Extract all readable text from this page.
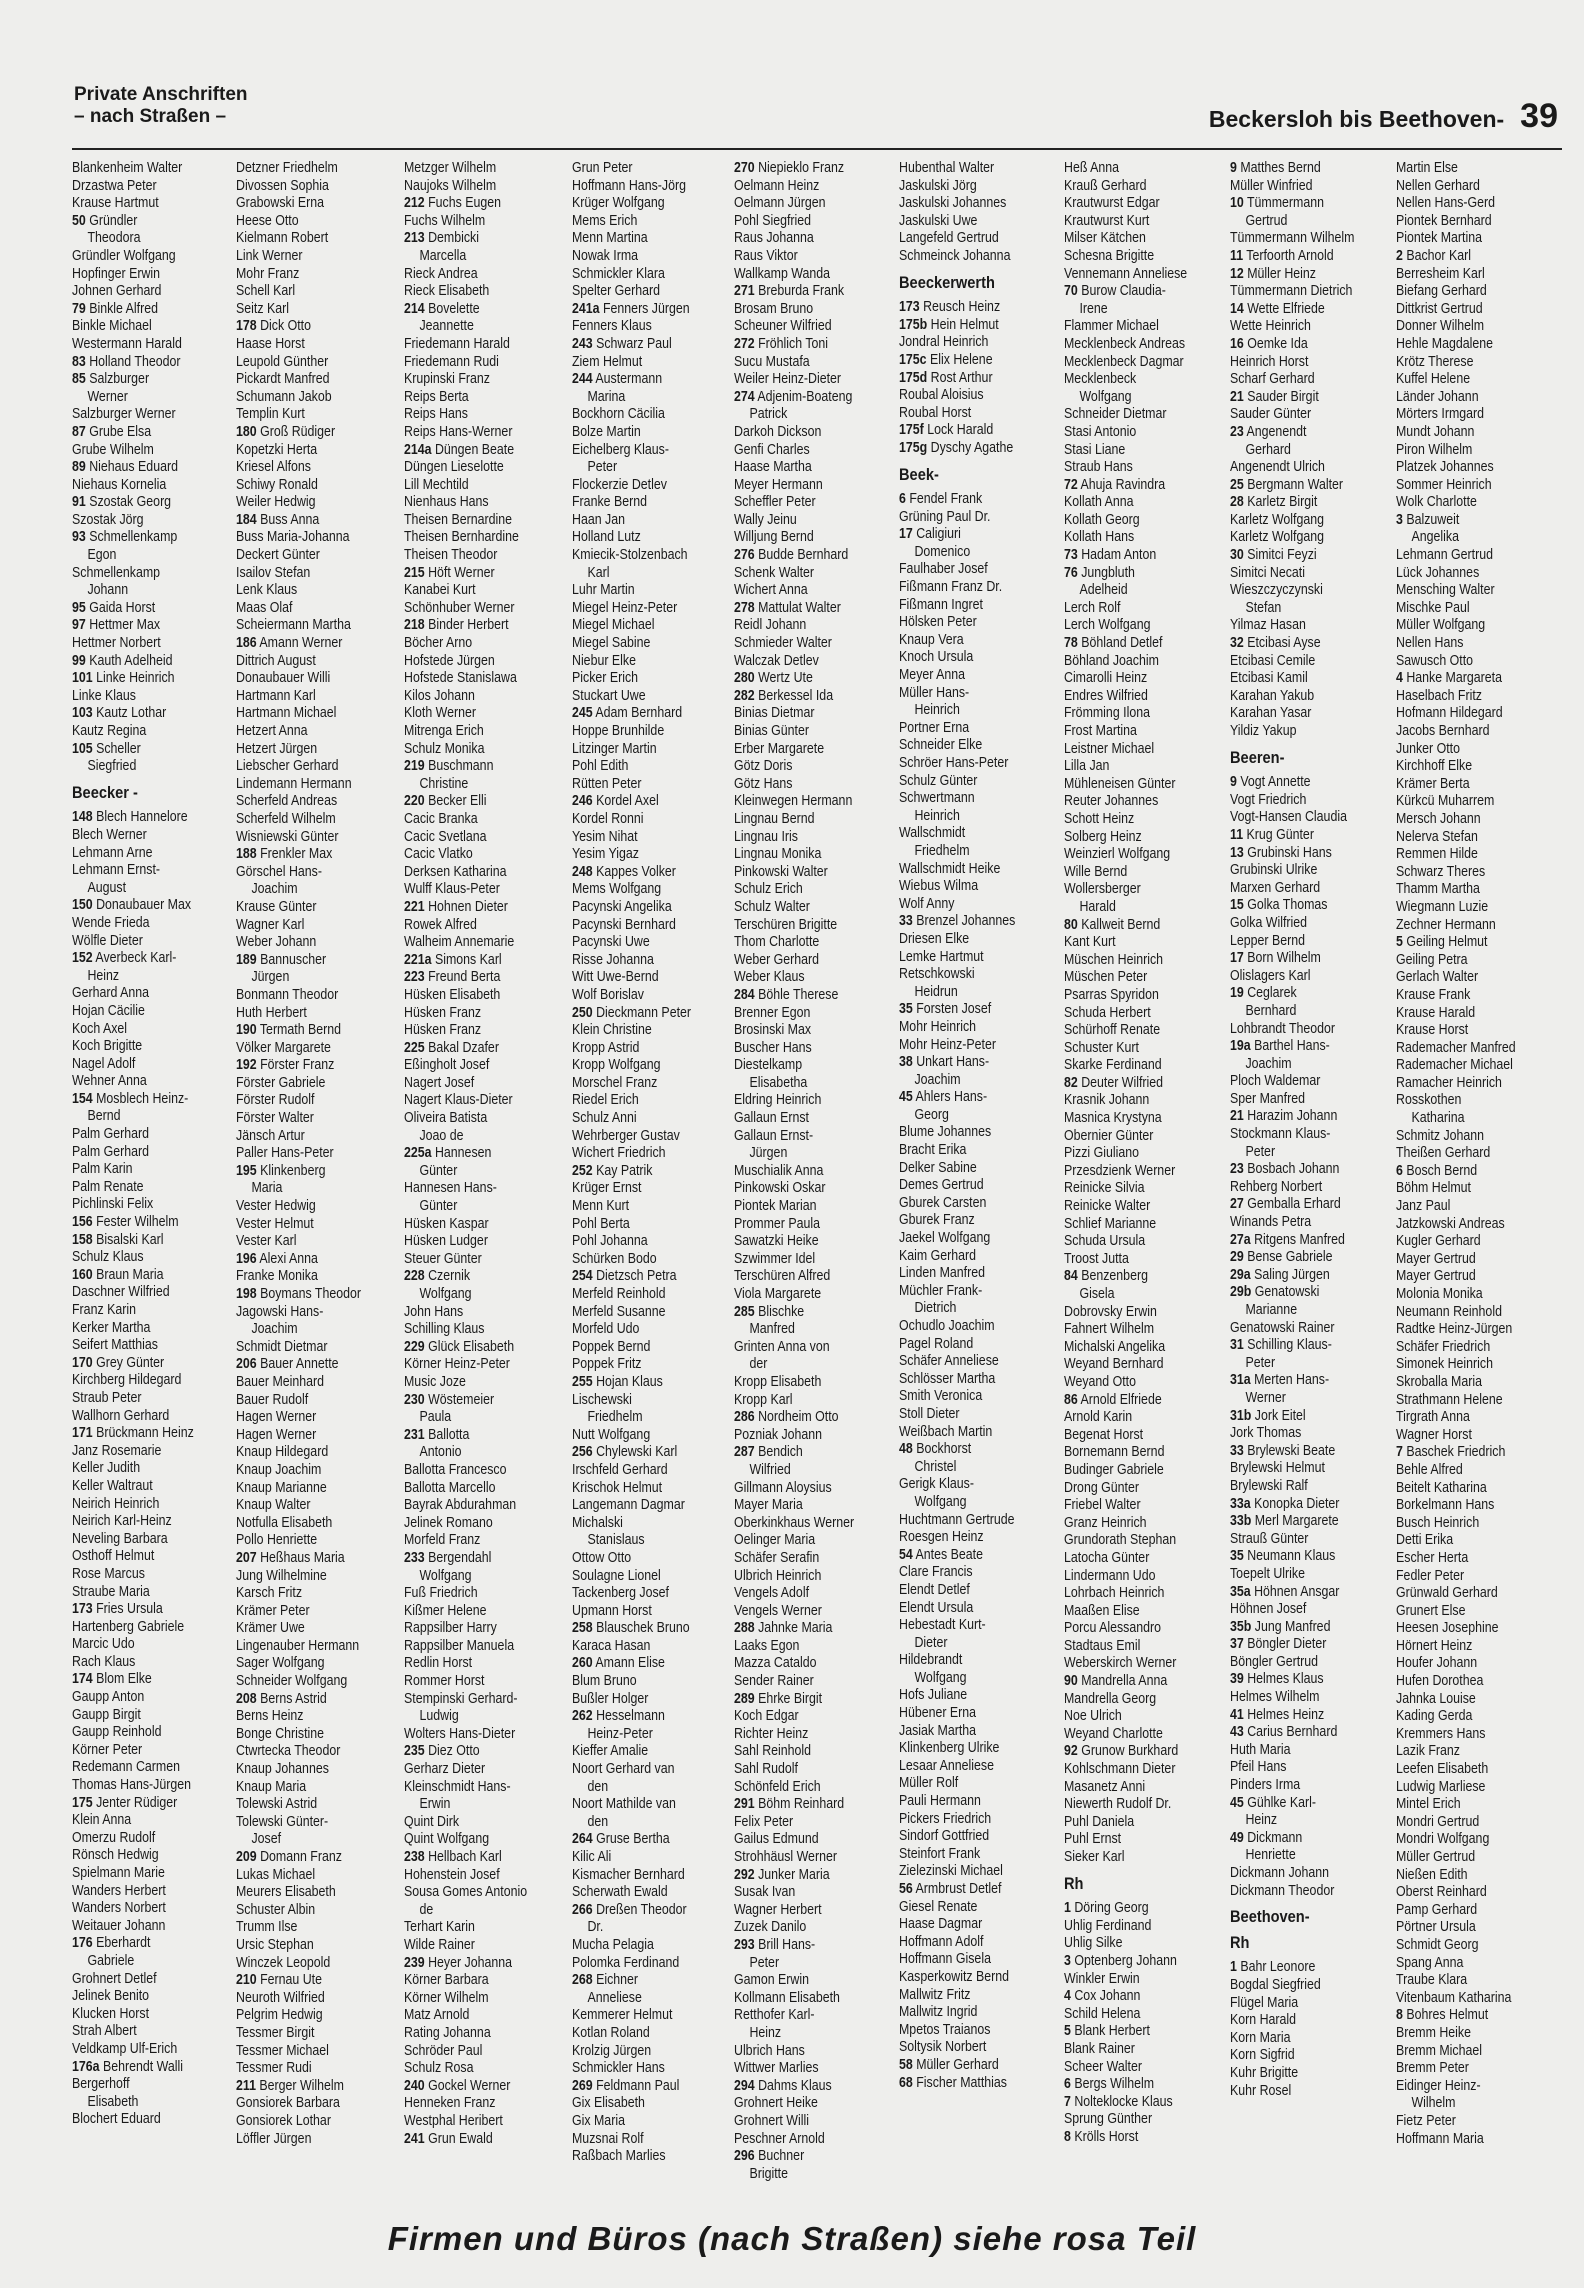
Private Anschriften
– nach Straßen –	Beckersloh bis Beethoven- 39
Blankenheim Walter
Drzastwa Peter
Krause Hartmut
50 Gründler
Theodora
Gründler Wolfgang
Hopfinger Erwin
Johnen Gerhard
79 Binkle Alfred
Binkle Michael
Westermann Harald
83 Holland Theodor
85 Salzburger
Werner
Salzburger Werner
87 Grube Elsa
Grube Wilhelm
89 Niehaus Eduard
Niehaus Kornelia
91 Szostak Georg
Szostak Jörg
93 Schmellenkamp
Egon
Schmellenkamp
Johann
95 Gaida Horst
97 Hettmer Max
Hettmer Norbert
99 Kauth Adelheid
101 Linke Heinrich
Linke Klaus
103 Kautz Lothar
Kautz Regina
105 Scheller
Siegfried
Beecker -
148 Blech Hannelore
Blech Werner
Lehmann Arne
Lehmann Ernst-
August
150 Donaubauer Max
Wende Frieda
Wölfle Dieter
152 Averbeck Karl-
Heinz
Gerhard Anna
Hojan Cäcilie
Koch Axel
Koch Brigitte
Nagel Adolf
Wehner Anna
154 Mosblech Heinz-
Bernd
Palm Gerhard
Palm Gerhard
Palm Karin
Palm Renate
Pichlinski Felix
156 Fester Wilhelm
158 Bisalski Karl
Schulz Klaus
160 Braun Maria
Daschner Wilfried
Franz Karin
Kerker Martha
Seifert Matthias
170 Grey Günter
Kirchberg Hildegard
Straub Peter
Wallhorn Gerhard
171 Brückmann Heinz
Janz Rosemarie
Keller Judith
Keller Waltraut
Neirich Heinrich
Neirich Karl-Heinz
Neveling Barbara
Osthoff Helmut
Rose Marcus
Straube Maria
173 Fries Ursula
Hartenberg Gabriele
Marcic Udo
Rach Klaus
174 Blom Elke
Gaupp Anton
Gaupp Birgit
Gaupp Reinhold
Körner Peter
Redemann Carmen
Thomas Hans-Jürgen
175 Jenter Rüdiger
Klein Anna
Omerzu Rudolf
Rönsch Hedwig
Spielmann Marie
Wanders Herbert
Wanders Norbert
Weitauer Johann
176 Eberhardt
Gabriele
Grohnert Detlef
Jelinek Benito
Klucken Horst
Strah Albert
Veldkamp Ulf-Erich
176a Behrendt Walli
Bergerhoff
Elisabeth
Blochert Eduard
Detzner Friedhelm
Divossen Sophia
Grabowski Erna
Heese Otto
Kielmann Robert
Link Werner
Mohr Franz
Schell Karl
Seitz Karl
178 Dick Otto
Haase Horst
Leupold Günther
Pickardt Manfred
Schumann Jakob
Templin Kurt
180 Groß Rüdiger
Kopetzki Herta
Kriesel Alfons
Schiwy Ronald
Weiler Hedwig
184 Buss Anna
Buss Maria-Johanna
Deckert Günter
Isailov Stefan
Lenk Klaus
Maas Olaf
Scheiermann Martha
186 Amann Werner
Dittrich August
Donaubauer Willi
Hartmann Karl
Hartmann Michael
Hetzert Anna
Hetzert Jürgen
Liebscher Gerhard
Lindemann Hermann
Scherfeld Andreas
Scherfeld Wilhelm
Wisniewski Günter
188 Frenkler Max
Görschel Hans-
Joachim
Krause Günter
Wagner Karl
Weber Johann
189 Bannuscher
Jürgen
Bonmann Theodor
Huth Herbert
190 Termath Bernd
Völker Margarete
192 Förster Franz
Förster Gabriele
Förster Rudolf
Förster Walter
Jänsch Artur
Paller Hans-Peter
195 Klinkenberg
Maria
Vester Hedwig
Vester Helmut
Vester Karl
196 Alexi Anna
Franke Monika
198 Boymans Theodor
Jagowski Hans-
Joachim
Schmidt Dietmar
206 Bauer Annette
Bauer Meinhard
Bauer Rudolf
Hagen Werner
Hagen Werner
Knaup Hildegard
Knaup Joachim
Knaup Marianne
Knaup Walter
Notfulla Elisabeth
Pollo Henriette
207 Heßhaus Maria
Jung Wilhelmine
Karsch Fritz
Krämer Peter
Krämer Uwe
Lingenauber Hermann
Sager Wolfgang
Schneider Wolfgang
208 Berns Astrid
Berns Heinz
Bonge Christine
Ctwrtecka Theodor
Knaup Johannes
Knaup Maria
Tolewski Astrid
Tolewski Günter-
Josef
209 Domann Franz
Lukas Michael
Meurers Elisabeth
Schuster Albin
Trumm Ilse
Ursic Stephan
Winczek Leopold
210 Fernau Ute
Neuroth Wilfried
Pelgrim Hedwig
Tessmer Birgit
Tessmer Michael
Tessmer Rudi
211 Berger Wilhelm
Gonsiorek Barbara
Gonsiorek Lothar
Löffler Jürgen
Metzger Wilhelm
Naujoks Wilhelm
212 Fuchs Eugen
Fuchs Wilhelm
213 Dembicki
Marcella
Rieck Andrea
Rieck Elisabeth
214 Bovelette
Jeannette
Friedemann Harald
Friedemann Rudi
Krupinski Franz
Reips Berta
Reips Hans
Reips Hans-Werner
214a Düngen Beate
Düngen Lieselotte
Lill Mechtild
Nienhaus Hans
Theisen Bernardine
Theisen Bernhardine
Theisen Theodor
215 Höft Werner
Kanabei Kurt
Schönhuber Werner
218 Binder Herbert
Böcher Arno
Hofstede Jürgen
Hofstede Stanislawa
Kilos Johann
Kloth Werner
Mitrenga Erich
Schulz Monika
219 Buschmann
Christine
220 Becker Elli
Cacic Branka
Cacic Svetlana
Cacic Vlatko
Derksen Katharina
Wulff Klaus-Peter
221 Hohnen Dieter
Rowek Alfred
Walheim Annemarie
221a Simons Karl
223 Freund Berta
Hüsken Elisabeth
Hüsken Franz
Hüsken Franz
225 Bakal Dzafer
Eßingholt Josef
Nagert Josef
Nagert Klaus-Dieter
Oliveira Batista
Joao de
225a Hannesen
Günter
Hannesen Hans-
Günter
Hüsken Kaspar
Hüsken Ludger
Steuer Günter
228 Czernik
Wolfgang
John Hans
Schilling Klaus
229 Glück Elisabeth
Körner Heinz-Peter
Music Joze
230 Wöstemeier
Paula
231 Ballotta
Antonio
Ballotta Francesco
Ballotta Marcello
Bayrak Abdurahman
Jelinek Romano
Morfeld Franz
233 Bergendahl
Wolfgang
Fuß Friedrich
Kißmer Helene
Rappsilber Harry
Rappsilber Manuela
Redlin Horst
Rommer Horst
Stempinski Gerhard-
Ludwig
Wolters Hans-Dieter
235 Diez Otto
Gerharz Dieter
Kleinschmidt Hans-
Erwin
Quint Dirk
Quint Wolfgang
238 Hellbach Karl
Hohenstein Josef
Sousa Gomes Antonio
de
Terhart Karin
Wilde Rainer
239 Heyer Johanna
Körner Barbara
Körner Wilhelm
Matz Arnold
Rating Johanna
Schröder Paul
Schulz Rosa
240 Gockel Werner
Henneken Franz
Westphal Heribert
241 Grun Ewald
Grun Peter
Hoffmann Hans-Jörg
Krüger Wolfgang
Mems Erich
Menn Martina
Nowak Irma
Schmickler Klara
Spelter Gerhard
241a Fenners Jürgen
Fenners Klaus
243 Schwarz Paul
Ziem Helmut
244 Austermann
Marina
Bockhorn Cäcilia
Bolze Martin
Eichelberg Klaus-
Peter
Flockerzie Detlev
Franke Bernd
Haan Jan
Holland Lutz
Kmiecik-Stolzenbach
Karl
Luhr Martin
Miegel Heinz-Peter
Miegel Michael
Miegel Sabine
Niebur Elke
Picker Erich
Stuckart Uwe
245 Adam Bernhard
Hoppe Brunhilde
Litzinger Martin
Pohl Edith
Rütten Peter
246 Kordel Axel
Kordel Ronni
Yesim Nihat
Yesim Yigaz
248 Kappes Volker
Mems Wolfgang
Pacynski Angelika
Pacynski Bernhard
Pacynski Uwe
Risse Johanna
Witt Uwe-Bernd
Wolf Borislav
250 Dieckmann Peter
Klein Christine
Kropp Astrid
Kropp Wolfgang
Morschel Franz
Riedel Erich
Schulz Anni
Wehrberger Gustav
Wichert Friedrich
252 Kay Patrik
Krüger Ernst
Menn Kurt
Pohl Berta
Pohl Johanna
Schürken Bodo
254 Dietzsch Petra
Merfeld Reinhold
Merfeld Susanne
Morfeld Udo
Poppek Bernd
Poppek Fritz
255 Hojan Klaus
Lischewski
Friedhelm
Nutt Wolfgang
256 Chylewski Karl
Irschfeld Gerhard
Krischok Helmut
Langemann Dagmar
Michalski
Stanislaus
Ottow Otto
Soulagne Lionel
Tackenberg Josef
Upmann Horst
258 Blauschek Bruno
Karaca Hasan
260 Amann Elise
Blum Bruno
Bußler Holger
262 Hesselmann
Heinz-Peter
Kieffer Amalie
Noort Gerhard van
den
Noort Mathilde van
den
264 Gruse Bertha
Kilic Ali
Kismacher Bernhard
Scherwath Ewald
266 Dreßen Theodor
Dr.
Mucha Pelagia
Polomka Ferdinand
268 Eichner
Anneliese
Kemmerer Helmut
Kotlan Roland
Krolzig Jürgen
Schmickler Hans
269 Feldmann Paul
Gix Elisabeth
Gix Maria
Muzsnai Rolf
Raßbach Marlies
270 Niepieklo Franz
Oelmann Heinz
Oelmann Jürgen
Pohl Siegfried
Raus Johanna
Raus Viktor
Wallkamp Wanda
271 Breburda Frank
Brosam Bruno
Scheuner Wilfried
272 Fröhlich Toni
Sucu Mustafa
Weiler Heinz-Dieter
274 Adjenim-Boateng
Patrick
Darkoh Dickson
Genfi Charles
Haase Martha
Meyer Hermann
Scheffler Peter
Wally Jeinu
Willjung Bernd
276 Budde Bernhard
Schenk Walter
Wichert Anna
278 Mattulat Walter
Reidl Johann
Schmieder Walter
Walczak Detlev
280 Wertz Ute
282 Berkessel Ida
Binias Dietmar
Binias Günter
Erber Margarete
Götz Doris
Götz Hans
Kleinwegen Hermann
Lingnau Bernd
Lingnau Iris
Lingnau Monika
Pinkowski Walter
Schulz Erich
Schulz Walter
Terschüren Brigitte
Thom Charlotte
Weber Gerhard
Weber Klaus
284 Böhle Therese
Brenner Egon
Brosinski Max
Buscher Hans
Diestelkamp
Elisabetha
Eldring Heinrich
Gallaun Ernst
Gallaun Ernst-
Jürgen
Muschialik Anna
Pinkowski Oskar
Piontek Marian
Prommer Paula
Sawatzki Heike
Szwimmer Idel
Terschüren Alfred
Viola Margarete
285 Blischke
Manfred
Grinten Anna von
der
Kropp Elisabeth
Kropp Karl
286 Nordheim Otto
Pozniak Johann
287 Bendich
Wilfried
Gillmann Aloysius
Mayer Maria
Oberkinkhaus Werner
Oelinger Maria
Schäfer Serafin
Ulbrich Heinrich
Vengels Adolf
Vengels Werner
288 Jahnke Maria
Laaks Egon
Mazza Cataldo
Sender Rainer
289 Ehrke Birgit
Koch Edgar
Richter Heinz
Sahl Reinhold
Sahl Rudolf
Schönfeld Erich
291 Böhm Reinhard
Felix Peter
Gailus Edmund
Strohhäusl Werner
292 Junker Maria
Susak Ivan
Wagner Herbert
Zuzek Danilo
293 Brill Hans-
Peter
Gamon Erwin
Kollmann Elisabeth
Retthofer Karl-
Heinz
Ulbrich Hans
Wittwer Marlies
294 Dahms Klaus
Grohnert Heike
Grohnert Willi
Peschner Arnold
296 Buchner
Brigitte
Hubenthal Walter
Jaskulski Jörg
Jaskulski Johannes
Jaskulski Uwe
Langefeld Gertrud
Schmeinck Johanna
Beeckerwerth
173 Reusch Heinz
175b Hein Helmut
Jondral Heinrich
175c Elix Helene
175d Rost Arthur
Roubal Aloisius
Roubal Horst
175f Lock Harald
175g Dyschy Agathe
Beek-
6 Fendel Frank
Grüning Paul Dr.
17 Caligiuri
Domenico
Faulhaber Josef
Fißmann Franz Dr.
Fißmann Ingret
Hölsken Peter
Knaup Vera
Knoch Ursula
Meyer Anna
Müller Hans-
Heinrich
Portner Erna
Schneider Elke
Schröer Hans-Peter
Schulz Günter
Schwertmann
Heinrich
Wallschmidt
Friedhelm
Wallschmidt Heike
Wiebus Wilma
Wolf Anny
33 Brenzel Johannes
Driesen Elke
Lemke Hartmut
Retschkowski
Heidrun
35 Forsten Josef
Mohr Heinrich
Mohr Heinz-Peter
38 Unkart Hans-
Joachim
45 Ahlers Hans-
Georg
Blume Johannes
Bracht Erika
Delker Sabine
Demes Gertrud
Gburek Carsten
Gburek Franz
Jaekel Wolfgang
Kaim Gerhard
Linden Manfred
Müchler Frank-
Dietrich
Ochudlo Joachim
Pagel Roland
Schäfer Anneliese
Schlösser Martha
Smith Veronica
Stoll Dieter
Weißbach Martin
48 Bockhorst
Christel
Gerigk Klaus-
Wolfgang
Huchtmann Gertrude
Roesgen Heinz
54 Antes Beate
Clare Francis
Elendt Detlef
Elendt Ursula
Hebestadt Kurt-
Dieter
Hildebrandt
Wolfgang
Hofs Juliane
Hübener Erna
Jasiak Martha
Klinkenberg Ulrike
Lesaar Anneliese
Müller Rolf
Pauli Hermann
Pickers Friedrich
Sindorf Gottfried
Steinfort Frank
Zielezinski Michael
56 Armbrust Detlef
Giesel Renate
Haase Dagmar
Hoffmann Adolf
Hoffmann Gisela
Kasperkowitz Bernd
Mallwitz Fritz
Mallwitz Ingrid
Mpetos Traianos
Soltysik Norbert
58 Müller Gerhard
68 Fischer Matthias
Heß Anna
Krauß Gerhard
Krautwurst Edgar
Krautwurst Kurt
Milser Kätchen
Schesna Brigitte
Vennemann Anneliese
70 Burow Claudia-
Irene
Flammer Michael
Mecklenbeck Andreas
Mecklenbeck Dagmar
Mecklenbeck
Wolfgang
Schneider Dietmar
Stasi Antonio
Stasi Liane
Straub Hans
72 Ahuja Ravindra
Kollath Anna
Kollath Georg
Kollath Hans
73 Hadam Anton
76 Jungbluth
Adelheid
Lerch Rolf
Lerch Wolfgang
78 Böhland Detlef
Böhland Joachim
Cimarolli Heinz
Endres Wilfried
Frömming Ilona
Frost Martina
Leistner Michael
Lilla Jan
Mühleneisen Günter
Reuter Johannes
Schott Heinz
Solberg Heinz
Weinzierl Wolfgang
Wille Bernd
Wollersberger
Harald
80 Kallweit Bernd
Kant Kurt
Müschen Heinrich
Müschen Peter
Psarras Spyridon
Schuda Herbert
Schürhoff Renate
Schuster Kurt
Skarke Ferdinand
82 Deuter Wilfried
Krasnik Johann
Masnica Krystyna
Obernier Günter
Pizzi Giuliano
Przesdzienk Werner
Reinicke Silvia
Reinicke Walter
Schlief Marianne
Schuda Ursula
Troost Jutta
84 Benzenberg
Gisela
Dobrovsky Erwin
Fahnert Wilhelm
Michalski Angelika
Weyand Bernhard
Weyand Otto
86 Arnold Elfriede
Arnold Karin
Begenat Horst
Bornemann Bernd
Budinger Gabriele
Drong Günter
Friebel Walter
Granz Heinrich
Grundorath Stephan
Latocha Günter
Lindermann Udo
Lohrbach Heinrich
Maaßen Elise
Porcu Alessandro
Stadtaus Emil
Weberskirch Werner
90 Mandrella Anna
Mandrella Georg
Noe Ulrich
Weyand Charlotte
92 Grunow Burkhard
Kohlschmann Dieter
Masanetz Anni
Niewerth Rudolf Dr.
Puhl Daniela
Puhl Ernst
Sieker Karl
Rh
1 Döring Georg
Uhlig Ferdinand
Uhlig Silke
3 Optenberg Johann
Winkler Erwin
4 Cox Johann
Schild Helena
5 Blank Herbert
Blank Rainer
Scheer Walter
6 Bergs Wilhelm
7 Nolteklocke Klaus
Sprung Günther
8 Krölls Horst
9 Matthes Bernd
Müller Winfried
10 Tümmermann
Gertrud
Tümmermann Wilhelm
11 Terfoorth Arnold
12 Müller Heinz
Tümmermann Dietrich
14 Wette Elfriede
Wette Heinrich
16 Oemke Ida
Heinrich Horst
Scharf Gerhard
21 Sauder Birgit
Sauder Günter
23 Angenendt
Gerhard
Angenendt Ulrich
25 Bergmann Walter
28 Karletz Birgit
Karletz Wolfgang
Karletz Wolfgang
30 Simitci Feyzi
Simitci Necati
Wieszczyczynski
Stefan
Yilmaz Hasan
32 Etcibasi Ayse
Etcibasi Cemile
Etcibasi Kamil
Karahan Yakub
Karahan Yasar
Yildiz Yakup
Beeren-
9 Vogt Annette
Vogt Friedrich
Vogt-Hansen Claudia
11 Krug Günter
13 Grubinski Hans
Grubinski Ulrike
Marxen Gerhard
15 Golka Thomas
Golka Wilfried
Lepper Bernd
17 Born Wilhelm
Olislagers Karl
19 Ceglarek
Bernhard
Lohbrandt Theodor
19a Barthel Hans-
Joachim
Ploch Waldemar
Sper Manfred
21 Harazim Johann
Stockmann Klaus-
Peter
23 Bosbach Johann
Rehberg Norbert
27 Gemballa Erhard
Winands Petra
27a Ritgens Manfred
29 Bense Gabriele
29a Saling Jürgen
29b Genatowski
Marianne
Genatowski Rainer
31 Schilling Klaus-
Peter
31a Merten Hans-
Werner
31b Jork Eitel
Jork Thomas
33 Brylewski Beate
Brylewski Helmut
Brylewski Ralf
33a Konopka Dieter
33b Merl Margarete
Strauß Günter
35 Neumann Klaus
Toepelt Ulrike
35a Höhnen Ansgar
Höhnen Josef
35b Jung Manfred
37 Böngler Dieter
Böngler Gertrud
39 Helmes Klaus
Helmes Wilhelm
41 Helmes Heinz
43 Carius Bernhard
Huth Maria
Pfeil Hans
Pinders Irma
45 Gühlke Karl-
Heinz
49 Dickmann
Henriette
Dickmann Johann
Dickmann Theodor
Beethoven-
Rh
1 Bahr Leonore
Bogdal Siegfried
Flügel Maria
Korn Harald
Korn Maria
Korn Sigfrid
Kuhr Brigitte
Kuhr Rosel
Martin Else
Nellen Gerhard
Nellen Hans-Gerd
Piontek Bernhard
Piontek Martina
2 Bachor Karl
Berresheim Karl
Biefang Gerhard
Dittkrist Gertrud
Donner Wilhelm
Hehle Magdalene
Krötz Therese
Kuffel Helene
Länder Johann
Mörters Irmgard
Mundt Johann
Piron Wilhelm
Platzek Johannes
Sommer Heinrich
Wolk Charlotte
3 Balzuweit
Angelika
Lehmann Gertrud
Lück Johannes
Mensching Walter
Mischke Paul
Müller Wolfgang
Nellen Hans
Sawusch Otto
4 Hanke Margareta
Haselbach Fritz
Hofmann Hildegard
Jacobs Bernhard
Junker Otto
Kirchhoff Elke
Krämer Berta
Kürkcü Muharrem
Mersch Johann
Nelerva Stefan
Remmen Hilde
Schwarz Theres
Thamm Martha
Wiegmann Luzie
Zechner Hermann
5 Geiling Helmut
Geiling Petra
Gerlach Walter
Krause Frank
Krause Harald
Krause Horst
Rademacher Manfred
Rademacher Michael
Ramacher Heinrich
Rosskothen
Katharina
Schmitz Johann
Theißen Gerhard
6 Bosch Bernd
Böhm Helmut
Janz Paul
Jatzkowski Andreas
Kugler Gerhard
Mayer Gertrud
Mayer Gertrud
Molonia Monika
Neumann Reinhold
Radtke Heinz-Jürgen
Schäfer Friedrich
Simonek Heinrich
Skroballa Maria
Strathmann Helene
Tirgrath Anna
Wagner Horst
7 Baschek Friedrich
Behle Alfred
Beitelt Katharina
Borkelmann Hans
Busch Heinrich
Detti Erika
Escher Herta
Fedler Peter
Grünwald Gerhard
Grunert Else
Heesen Josephine
Hörnert Heinz
Houfer Johann
Hufen Dorothea
Jahnka Louise
Kading Gerda
Kremmers Hans
Lazik Franz
Leefen Elisabeth
Ludwig Marliese
Mintel Erich
Mondri Gertrud
Mondri Wolfgang
Müller Gertrud
Nießen Edith
Oberst Reinhard
Pamp Gerhard
Pörtner Ursula
Schmidt Georg
Spang Anna
Traube Klara
Vitenbaum Katharina
8 Bohres Helmut
Bremm Heike
Bremm Michael
Bremm Peter
Eidinger Heinz-
Wilhelm
Fietz Peter
Hoffmann Maria
Firmen und Büros (nach Straßen) siehe rosa Teil
